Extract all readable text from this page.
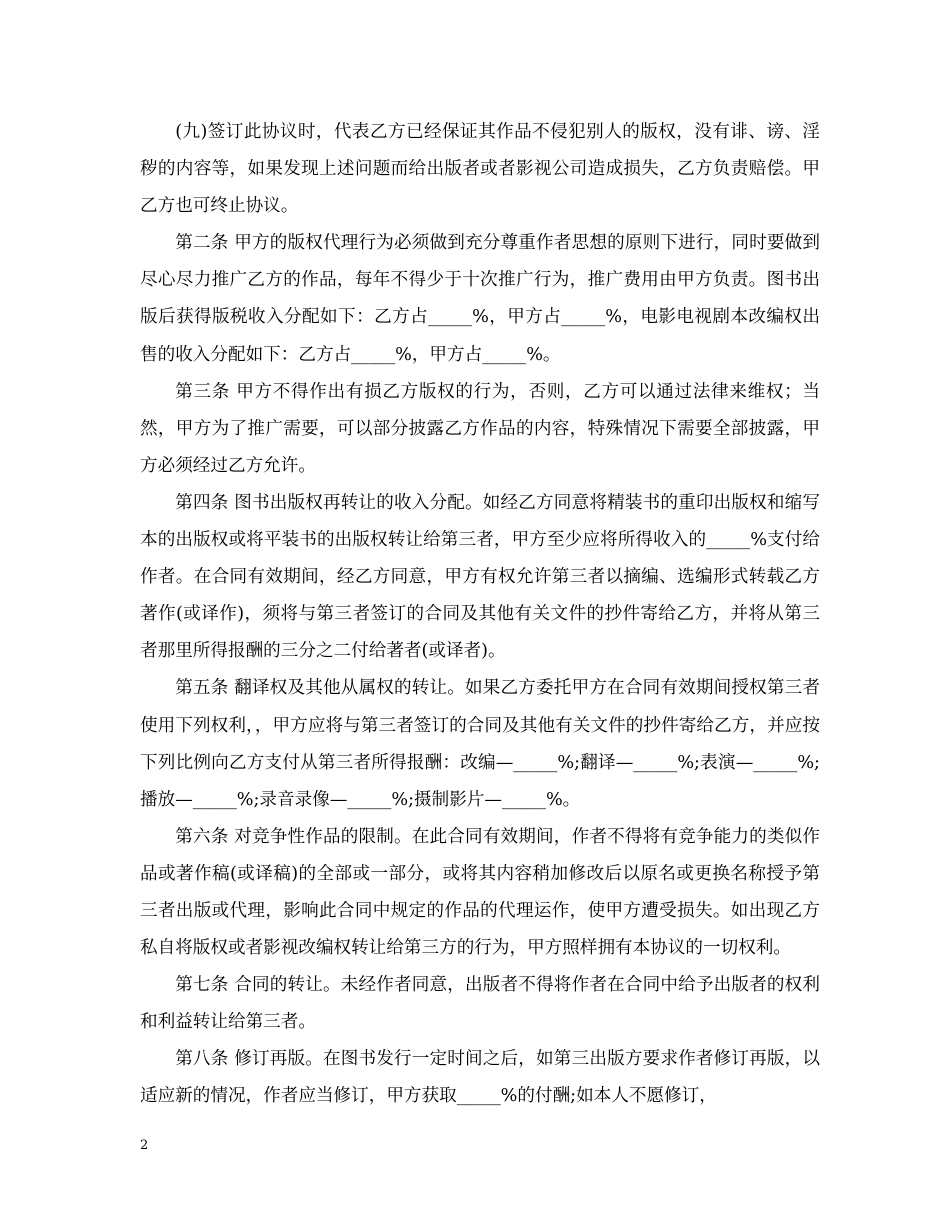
(九)签订此协议时，代表乙方已经保证其作品不侵犯别人的版权，没有诽、谤、淫秽的内容等，如果发现上述问题而给出版者或者影视公司造成损失，乙方负责赔偿。甲乙方也可终止协议。

第二条 甲方的版权代理行为必须做到充分尊重作者思想的原则下进行，同时要做到尽心尽力推广乙方的作品，每年不得少于十次推广行为，推广费用由甲方负责。图书出版后获得版税收入分配如下：乙方占_____%，甲方占_____%，电影电视剧本改编权出售的收入分配如下：乙方占_____%，甲方占_____%。

第三条 甲方不得作出有损乙方版权的行为，否则，乙方可以通过法律来维权；当然，甲方为了推广需要，可以部分披露乙方作品的内容，特殊情况下需要全部披露，甲方必须经过乙方允许。

第四条 图书出版权再转让的收入分配。如经乙方同意将精装书的重印出版权和缩写本的出版权或将平装书的出版权转让给第三者，甲方至少应将所得收入的_____%支付给作者。在合同有效期间，经乙方同意，甲方有权允许第三者以摘编、选编形式转载乙方著作(或译作)，须将与第三者签订的合同及其他有关文件的抄件寄给乙方，并将从第三者那里所得报酬的三分之二付给著者(或译者)。

第五条 翻译权及其他从属权的转让。如果乙方委托甲方在合同有效期间授权第三者使用下列权利，，甲方应将与第三者签订的合同及其他有关文件的抄件寄给乙方，并应按下列比例向乙方支付从第三者所得报酬：改编—_____%;翻译—_____%;表演—_____%;播放—_____%;录音录像—_____%;摄制影片—_____%。

第六条 对竞争性作品的限制。在此合同有效期间，作者不得将有竞争能力的类似作品或著作稿(或译稿)的全部或一部分，或将其内容稍加修改后以原名或更换名称授予第三者出版或代理，影响此合同中规定的作品的代理运作，使甲方遭受损失。如出现乙方私自将版权或者影视改编权转让给第三方的行为，甲方照样拥有本协议的一切权利。

第七条 合同的转让。未经作者同意，出版者不得将作者在合同中给予出版者的权利和利益转让给第三者。

第八条 修订再版。在图书发行一定时间之后，如第三出版方要求作者修订再版，以适应新的情况，作者应当修订，甲方获取_____%的付酬;如本人不愿修订，

2
